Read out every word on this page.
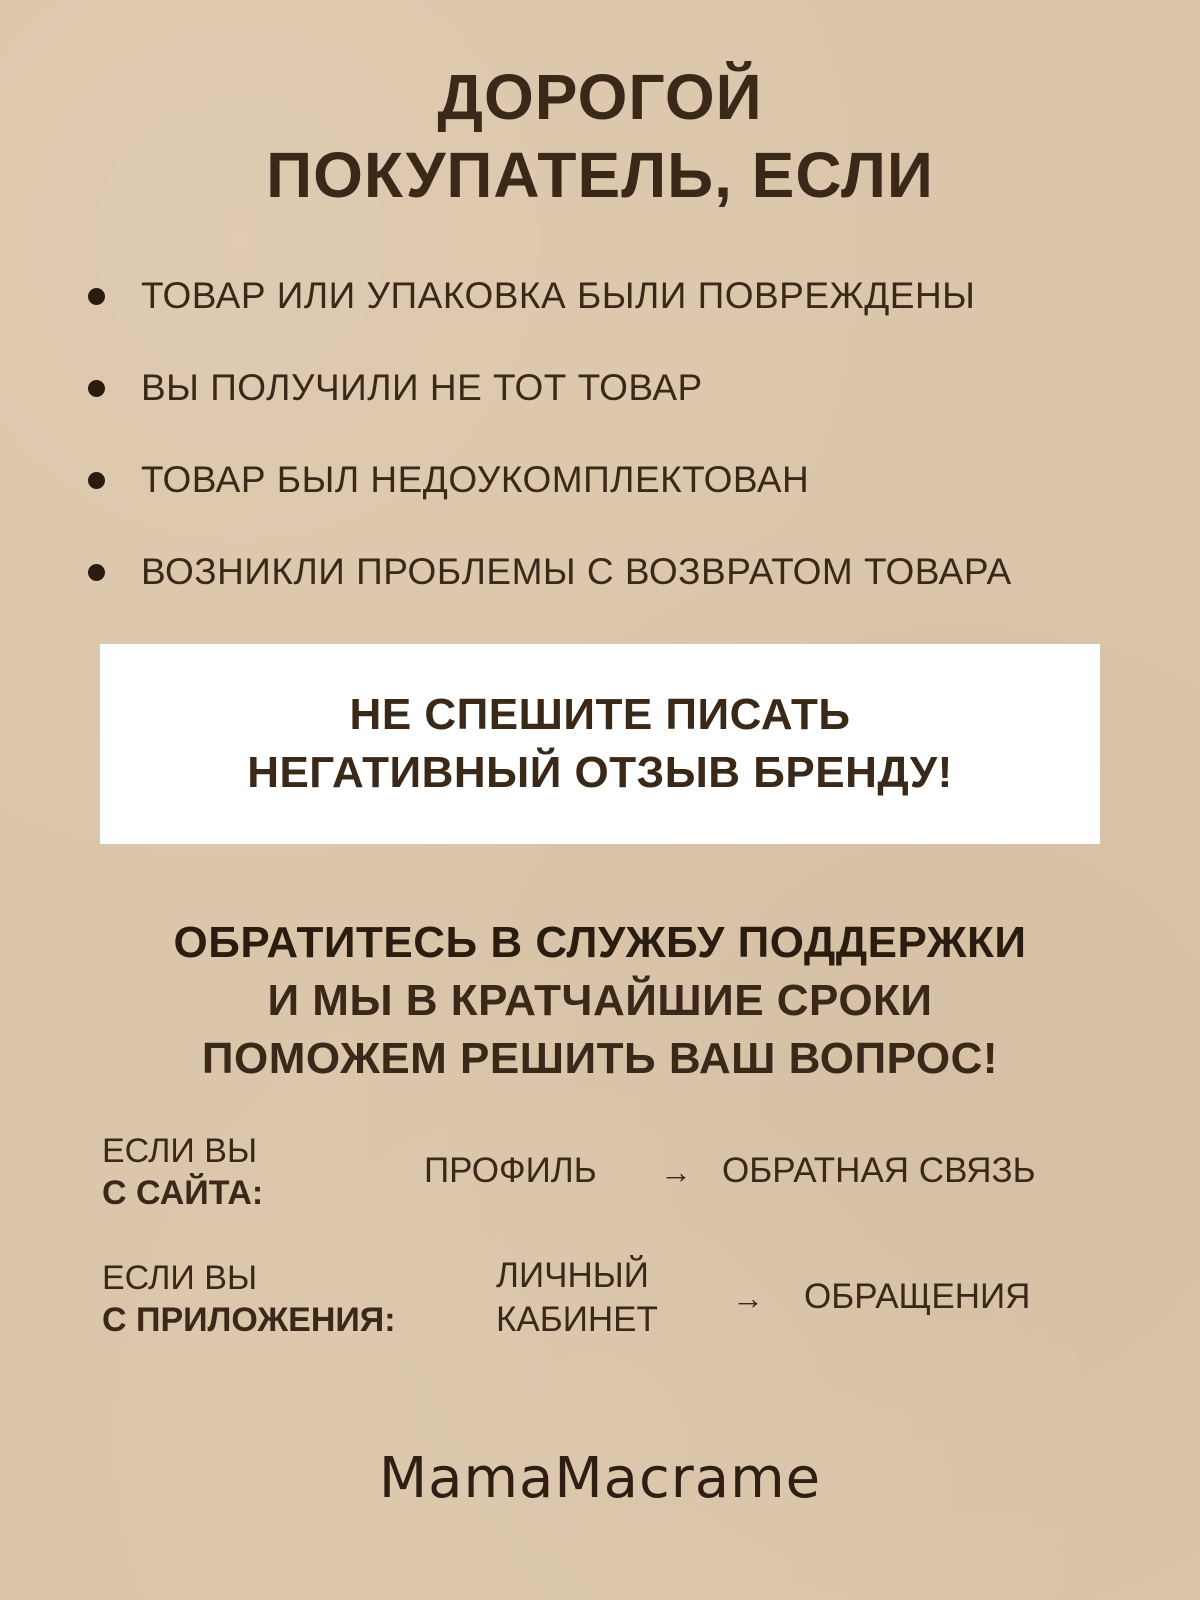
ДОРОГОЙ
ПОКУПАТЕЛЬ, ЕСЛИ
ТОВАР ИЛИ УПАКОВКА БЫЛИ ПОВРЕЖДЕНЫ
ВЫ ПОЛУЧИЛИ НЕ ТОТ ТОВАР
ТОВАР БЫЛ НЕДОУКОМПЛЕКТОВАН
ВОЗНИКЛИ ПРОБЛЕМЫ С ВОЗВРАТОМ ТОВАРА
НЕ СПЕШИТЕ ПИСАТЬ
НЕГАТИВНЫЙ ОТЗЫВ БРЕНДУ!
ОБРАТИТЕСЬ В СЛУЖБУ ПОДДЕРЖКИ
И МЫ В КРАТЧАЙШИЕ СРОКИ
ПОМОЖЕМ РЕШИТЬ ВАШ ВОПРОС!
ЕСЛИ ВЫ
С САЙТА:
ПРОФИЛЬ → ОБРАТНАЯ СВЯЗЬ
ЕСЛИ ВЫ
С ПРИЛОЖЕНИЯ:
ЛИЧНЫЙ
КАБИНЕТ
→ ОБРАЩЕНИЯ
MamaMacrame
